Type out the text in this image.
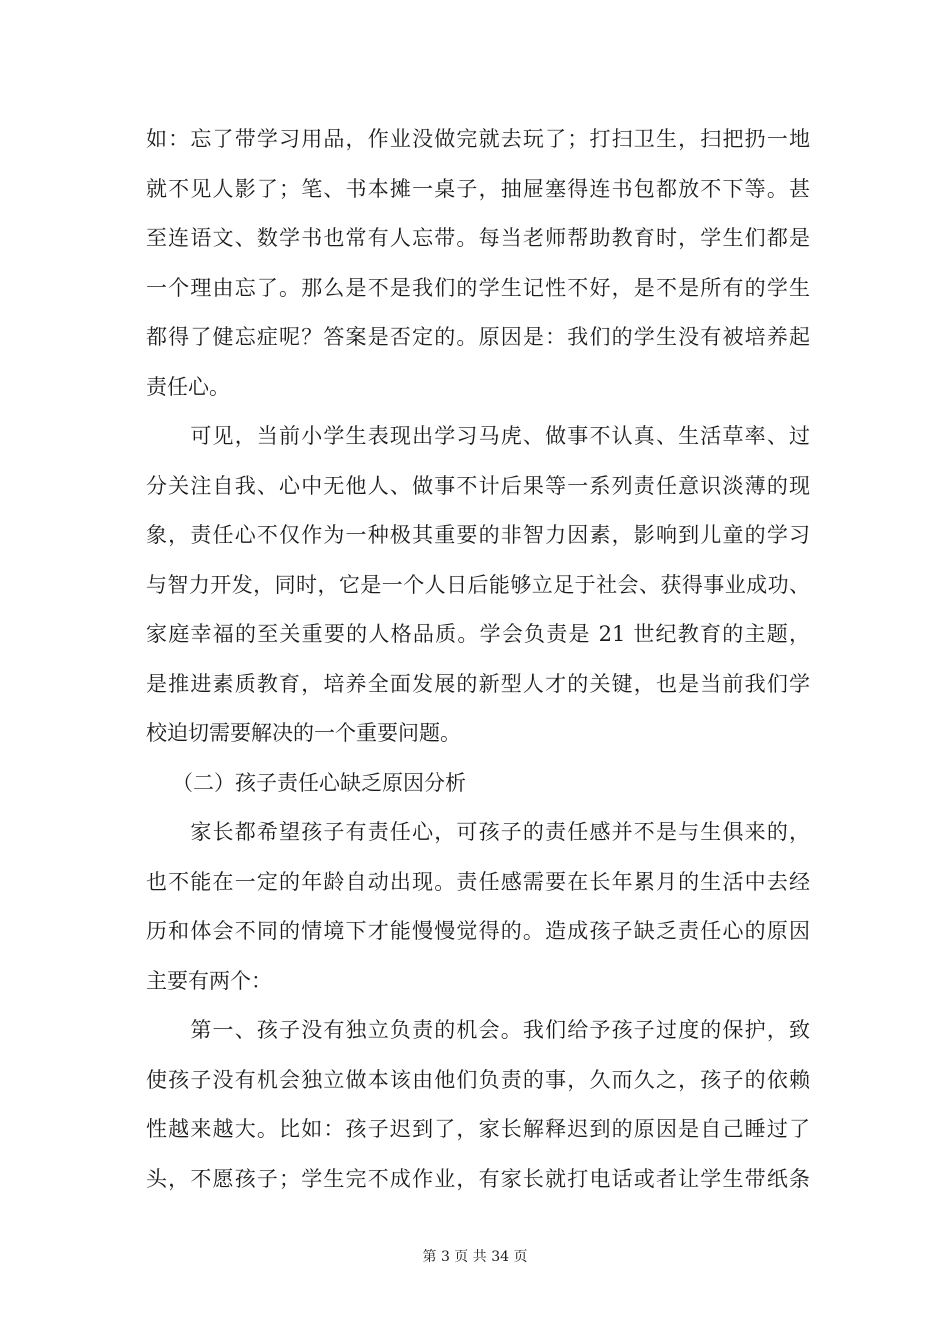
如：忘了带学习用品，作业没做完就去玩了；打扫卫生，扫把扔一地
就不见人影了；笔、书本摊一桌子，抽屉塞得连书包都放不下等。甚
至连语文、数学书也常有人忘带。每当老师帮助教育时，学生们都是
一个理由忘了。那么是不是我们的学生记性不好，是不是所有的学生
都得了健忘症呢？答案是否定的。原因是：我们的学生没有被培养起
责任心。
　　可见，当前小学生表现出学习马虎、做事不认真、生活草率、过
分关注自我、心中无他人、做事不计后果等一系列责任意识淡薄的现
象，责任心不仅作为一种极其重要的非智力因素，影响到儿童的学习
与智力开发，同时，它是一个人日后能够立足于社会、获得事业成功、
家庭幸福的至关重要的人格品质。学会负责是 21 世纪教育的主题，
是推进素质教育，培养全面发展的新型人才的关键，也是当前我们学
校迫切需要解决的一个重要问题。
（二）孩子责任心缺乏原因分析
　　家长都希望孩子有责任心，可孩子的责任感并不是与生俱来的，
也不能在一定的年龄自动出现。责任感需要在长年累月的生活中去经
历和体会不同的情境下才能慢慢觉得的。造成孩子缺乏责任心的原因
主要有两个：
　　第一、孩子没有独立负责的机会。我们给予孩子过度的保护，致
使孩子没有机会独立做本该由他们负责的事，久而久之，孩子的依赖
性越来越大。比如：孩子迟到了，家长解释迟到的原因是自己睡过了
头，不愿孩子；学生完不成作业，有家长就打电话或者让学生带纸条
第 3 页 共 34 页
